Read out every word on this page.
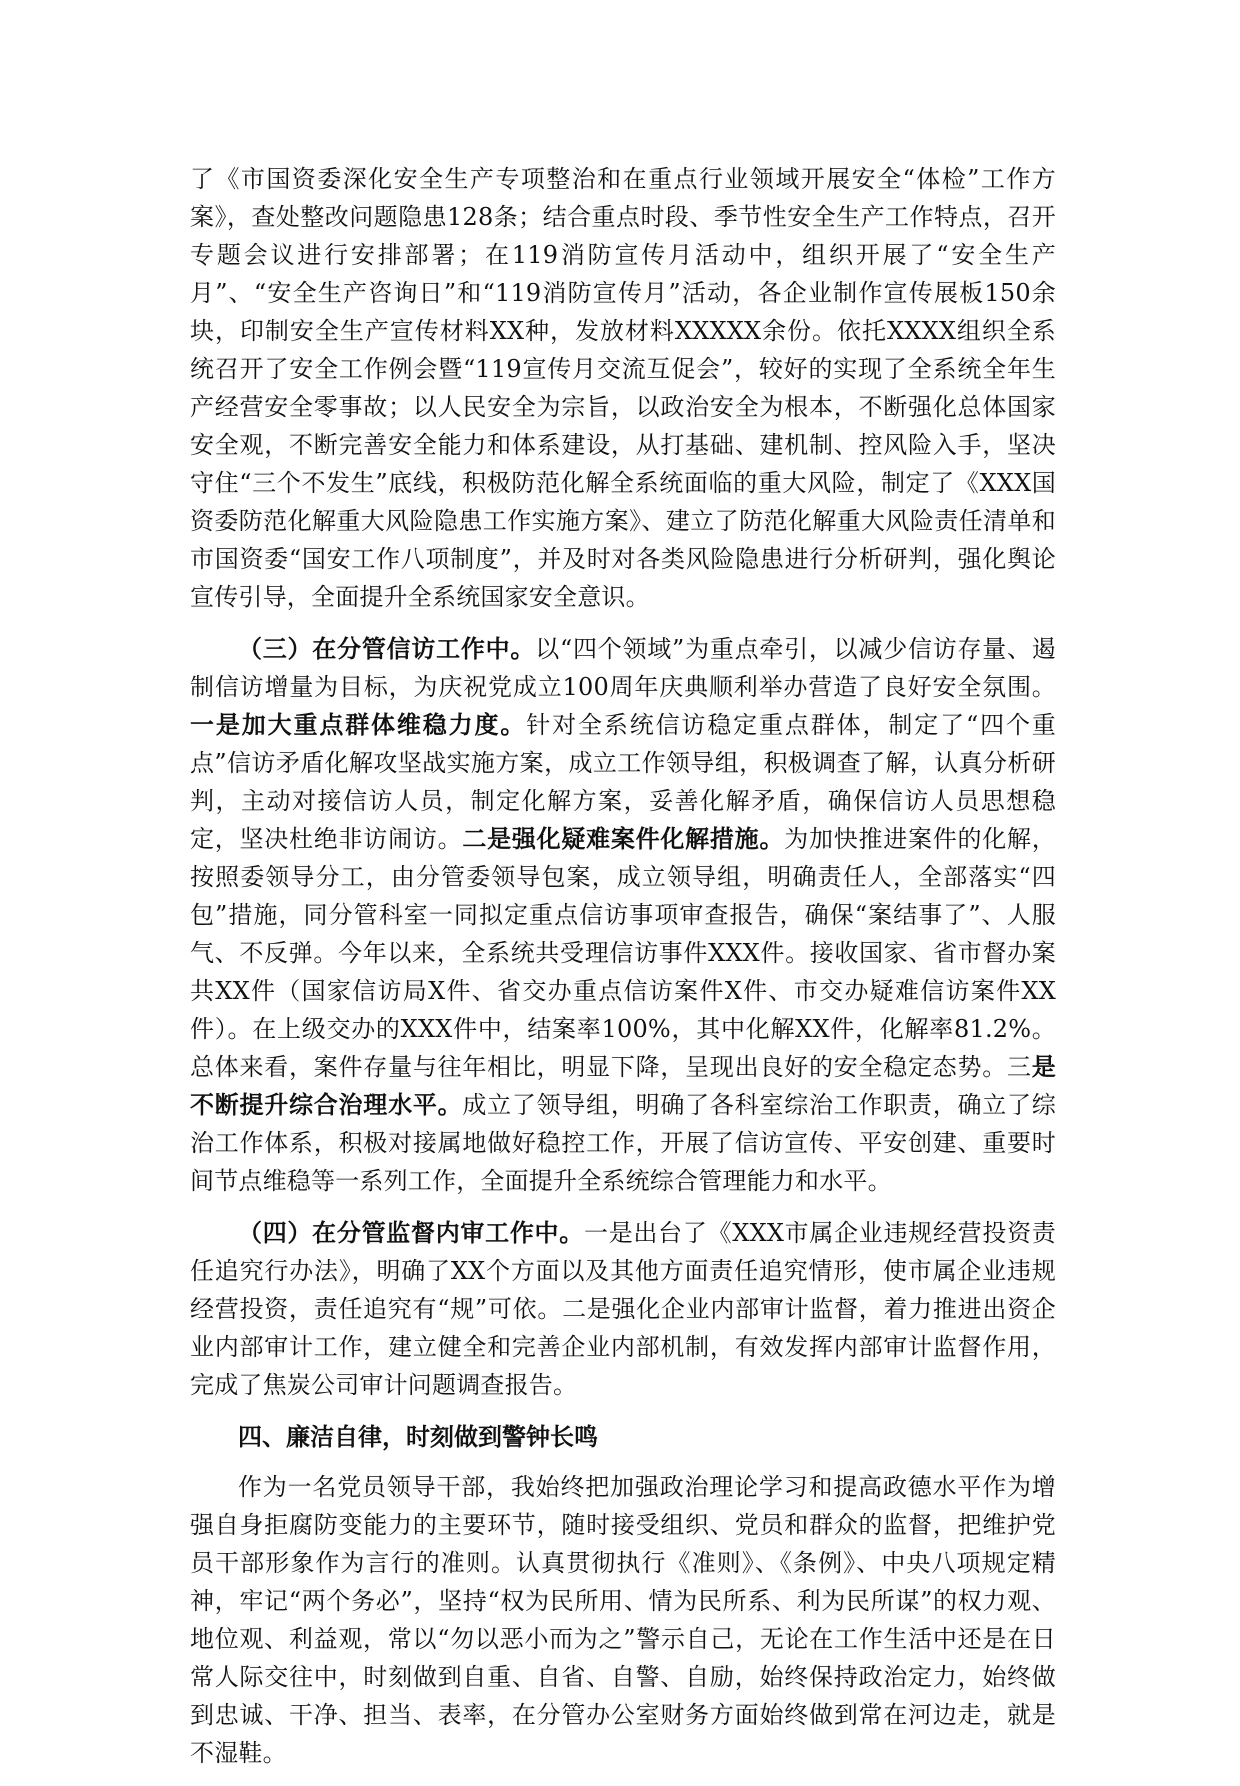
了《市国资委深化安全生产专项整治和在重点行业领域开展安全“体检”工作方案》，查处整改问题隐患128条；结合重点时段、季节性安全生产工作特点，召开专题会议进行安排部署；在119消防宣传月活动中，组织开展了“安全生产月”、“安全生产咨询日”和“119消防宣传月”活动，各企业制作宣传展板150余块，印制安全生产宣传材料XX种，发放材料XXXXX余份。依托XXXX组织全系统召开了安全工作例会暨“119宣传月交流互促会”，较好的实现了全系统全年生产经营安全零事故；以人民安全为宗旨，以政治安全为根本，不断强化总体国家安全观，不断完善安全能力和体系建设，从打基础、建机制、控风险入手，坚决守住“三个不发生”底线，积极防范化解全系统面临的重大风险，制定了《XXX国资委防范化解重大风险隐患工作实施方案》、建立了防范化解重大风险责任清单和市国资委“国安工作八项制度”，并及时对各类风险隐患进行分析研判，强化舆论宣传引导，全面提升全系统国家安全意识。

（三）在分管信访工作中。以“四个领域”为重点牵引，以减少信访存量、遏制信访增量为目标，为庆祝党成立100周年庆典顺利举办营造了良好安全氛围。一是加大重点群体维稳力度。针对全系统信访稳定重点群体，制定了“四个重点”信访矛盾化解攻坚战实施方案，成立工作领导组，积极调查了解，认真分析研判，主动对接信访人员，制定化解方案，妥善化解矛盾，确保信访人员思想稳定，坚决杜绝非访闹访。二是强化疑难案件化解措施。为加快推进案件的化解，按照委领导分工，由分管委领导包案，成立领导组，明确责任人，全部落实“四包”措施，同分管科室一同拟定重点信访事项审查报告，确保“案结事了”、人服气、不反弹。今年以来，全系统共受理信访事件XXX件。接收国家、省市督办案共XX件（国家信访局X件、省交办重点信访案件X件、市交办疑难信访案件XX件）。在上级交办的XXX件中，结案率100%，其中化解XX件，化解率81.2%。总体来看，案件存量与往年相比，明显下降，呈现出良好的安全稳定态势。三是不断提升综合治理水平。成立了领导组，明确了各科室综治工作职责，确立了综治工作体系，积极对接属地做好稳控工作，开展了信访宣传、平安创建、重要时间节点维稳等一系列工作，全面提升全系统综合管理能力和水平。

（四）在分管监督内审工作中。一是出台了《XXX市属企业违规经营投资责任追究行办法》，明确了XX个方面以及其他方面责任追究情形，使市属企业违规经营投资，责任追究有“规”可依。二是强化企业内部审计监督，着力推进出资企业内部审计工作，建立健全和完善企业内部机制，有效发挥内部审计监督作用，完成了焦炭公司审计问题调查报告。

四、廉洁自律，时刻做到警钟长鸣

作为一名党员领导干部，我始终把加强政治理论学习和提高政德水平作为增强自身拒腐防变能力的主要环节，随时接受组织、党员和群众的监督，把维护党员干部形象作为言行的准则。认真贯彻执行《准则》、《条例》、中央八项规定精神，牢记“两个务必”，坚持“权为民所用、情为民所系、利为民所谋”的权力观、地位观、利益观，常以“勿以恶小而为之”警示自己，无论在工作生活中还是在日常人际交往中，时刻做到自重、自省、自警、自励，始终保持政治定力，始终做到忠诚、干净、担当、表率，在分管办公室财务方面始终做到常在河边走，就是不湿鞋。
